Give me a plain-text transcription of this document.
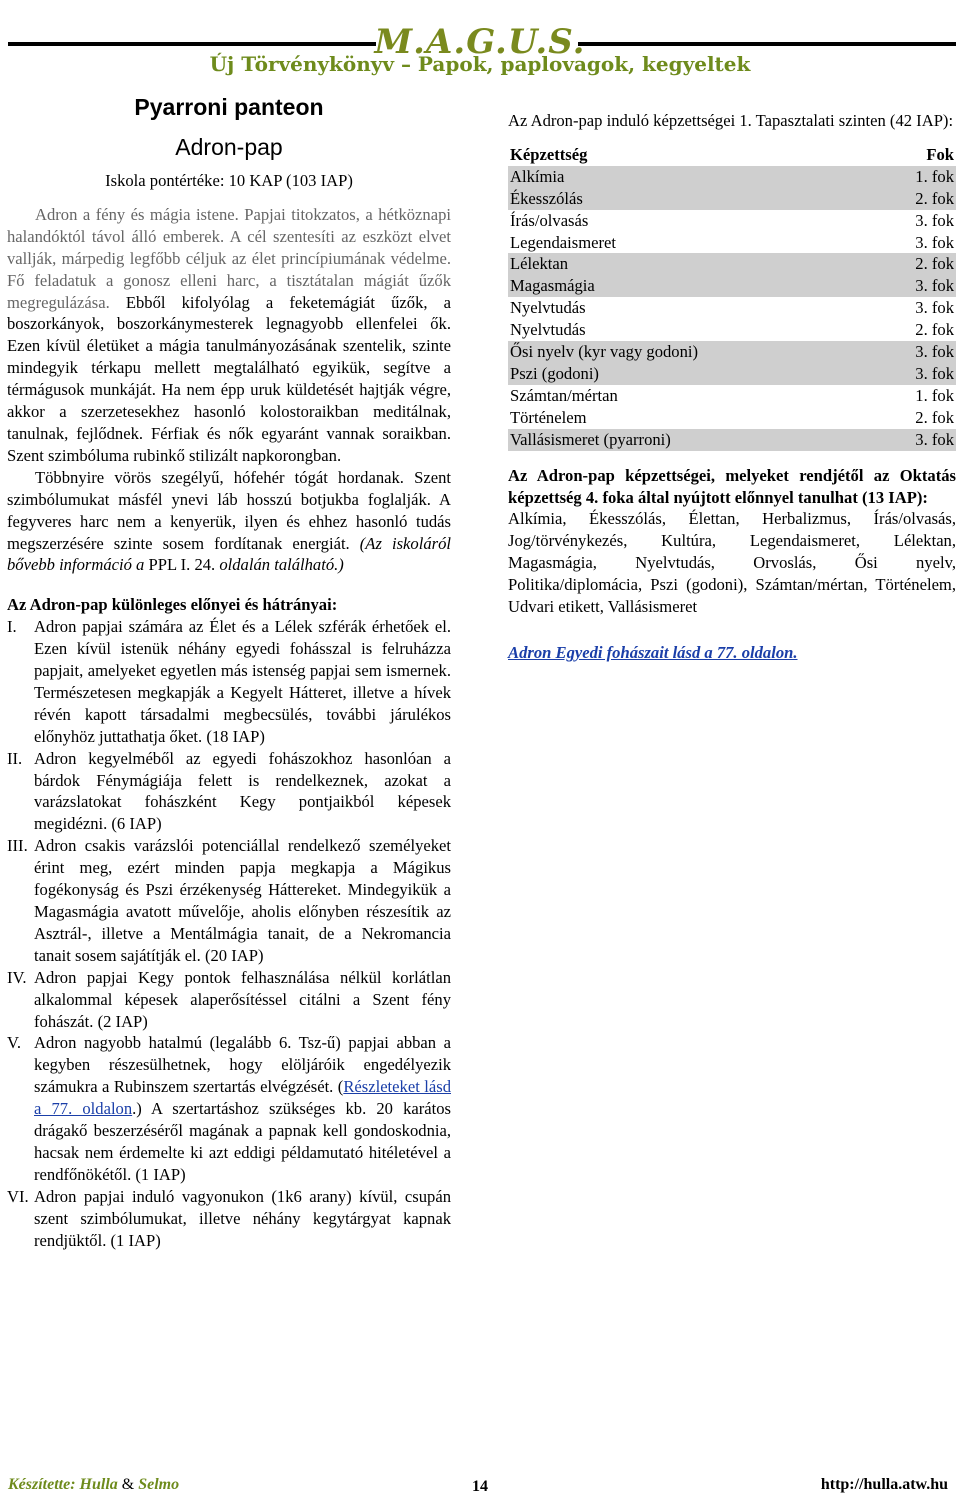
M.A.G.U.S.
Új Törvénykönyv – Papok, paplovagok, kegyeltek
Pyarroni panteon
Adron-pap
Iskola pontértéke: 10 KAP (103 IAP)

Adron a fény és mágia istene. Papjai titokzatos, a hétköznapi halandóktól távol álló emberek. A cél szentesíti az eszközt elvet vallják, márpedig legfőbb céljuk az élet princípiumának védelme. Fő feladatuk a gonosz elleni harc, a tisztátalan mágiát űzők megregulázása. Ebből kifolyólag a feketemágiát űzők, a boszorkányok, boszorkánymesterek legnagyobb ellenfelei ők. Ezen kívül életüket a mágia tanulmányozásának szentelik, szinte mindegyik térkapu mellett megtalálható egyikük, segítve a térmágusok munkáját. Ha nem épp uruk küldetését hajtják végre, akkor a szerzetesekhez hasonló kolostoraikban meditálnak, tanulnak, fejlődnek. Férfiak és nők egyaránt vannak soraikban. Szent szimbóluma rubinkő stilizált napkorongban.

Többnyire vörös szegélyű, hófehér tógát hordanak. Szent szimbólumukat másfél ynevi láb hosszú botjukba foglalják. A fegyveres harc nem a kenyerük, ilyen és ehhez hasonló tudás megszerzésére szinte sosem fordítanak energiát. (Az iskoláról bővebb információ a PPL I. 24. oldalán található.)

Az Adron-pap különleges előnyei és hátrányai:
I.	Adron papjai számára az Élet és a Lélek szférák érhetőek el. Ezen kívül istenük néhány egyedi fohásszal is felruházza papjait, amelyeket egyetlen más istenség papjai sem ismernek. Természetesen megkapják a Kegyelt Hátteret, illetve a hívek révén kapott társadalmi megbecsülés, további járulékos előnyhöz juttathatja őket. (18 IAP)
II. Adron kegyelméből az egyedi fohászokhoz hasonlóan a bárdok Fénymágiája felett is rendelkeznek, azokat a varázslatokat fohászként Kegy pontjaikból képesek megidézni. (6 IAP)
III. Adron csakis varázslói potenciállal rendelkező személyeket érint meg, ezért minden papja megkapja a Mágikus fogékonyság és Pszi érzékenység Háttereket. Mindegyikük a Magasmágia avatott művelője, aholis előnyben részesítik az Asztrál-, illetve a Mentálmágia tanait, de a Nekromancia tanait sosem sajátítják el. (20 IAP)
IV. Adron papjai Kegy pontok felhasználása nélkül korlátlan alkalommal képesek alaperősítéssel citálni a Szent fény fohászát. (2 IAP)
V. Adron nagyobb hatalmú (legalább 6. Tsz-ű) papjai abban a kegyben részesülhetnek, hogy elöljáróik engedélyezik számukra a Rubinszem szertartás elvégzését. (Részleteket lásd a 77. oldalon.) A szertartáshoz szükséges kb. 20 karátos drágakő beszerzéséről magának a papnak kell gondoskodnia, hacsak nem érdemelte ki azt eddigi példamutató hitéletével a rendfőnökétől. (1 IAP)
VI. Adron papjai induló vagyonukon (1k6 arany) kívül, csupán szent szimbólumukat, illetve néhány kegytárgyat kapnak rendjüktől. (1 IAP)

Az Adron-pap induló képzettségei 1. Tapasztalati szinten (42 IAP):

Képzettség	Fok
Alkímia	1. fok
Ékesszólás	2. fok
Írás/olvasás	3. fok
Legendaismeret	3. fok
Lélektan	2. fok
Magasmágia	3. fok
Nyelvtudás	3. fok
Nyelvtudás	2. fok
Ősi nyelv (kyr vagy godoni)	3. fok
Pszi (godoni)	3. fok
Számtan/mértan	1. fok
Történelem	2. fok
Vallásismeret (pyarroni)	3. fok

Az Adron-pap képzettségei, melyeket rendjétől az Oktatás képzettség 4. foka által nyújtott előnnyel tanulhat (13 IAP):

Alkímia, Ékesszólás, Élettan, Herbalizmus, Írás/olvasás, Jog/törvénykezés, Kultúra, Legendaismeret, Lélektan, Magasmágia, Nyelvtudás, Orvoslás, Ősi nyelv, Politika/diplomácia, Pszi (godoni), Számtan/mértan, Történelem, Udvari etikett, Vallásismeret

Adron Egyedi fohászait lásd a 77. oldalon.

Készítette: Hulla & Selmo	14	http://hulla.atw.hu
